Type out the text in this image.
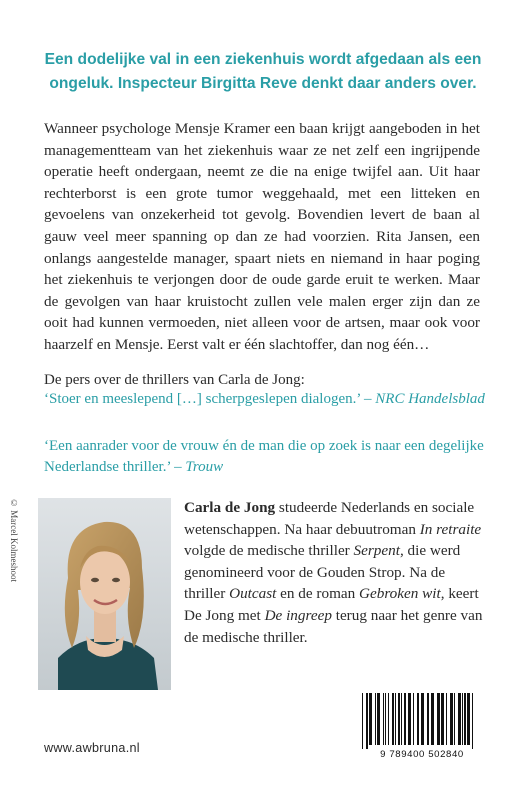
Een dodelijke val in een ziekenhuis wordt afgedaan als een ongeluk. Inspecteur Birgitta Reve denkt daar anders over.

Wanneer psychologe Mensje Kramer een baan krijgt aangeboden in het managementteam van het ziekenhuis waar ze net zelf een ingrijpende operatie heeft ondergaan, neemt ze die na enige twijfel aan. Uit haar rechterborst is een grote tumor weggehaald, met een litteken en gevoelens van onzekerheid tot gevolg. Bovendien levert de baan al gauw veel meer spanning op dan ze had voorzien. Rita Jansen, een onlangs aangestelde manager, spaart niets en niemand in haar poging het ziekenhuis te verjongen door de oude garde eruit te werken. Maar de gevolgen van haar kruistocht zullen vele malen erger zijn dan ze ooit had kunnen vermoeden, niet alleen voor de artsen, maar ook voor haarzelf en Mensje. Eerst valt er één slachtoffer, dan nog één…

De pers over de thrillers van Carla de Jong:

‘Stoer en meeslepend […] scherpgeslepen dialogen.’ – NRC Handelsblad

‘Een aanrader voor de vrouw én de man die op zoek is naar een degelijke Nederlandse thriller.’ – Trouw

© Marcel Kolmeshoot	Carla de Jong studeerde Nederlands en sociale wetenschappen. Na haar debuutroman In retraite volgde de medische thriller Serpent, die werd genomineerd voor de Gouden Strop. Na de thriller Outcast en de roman Gebroken wit, keert De Jong met De ingreep terug naar het genre van de medische thriller.

www.awbruna.nl	9 789400 502840
